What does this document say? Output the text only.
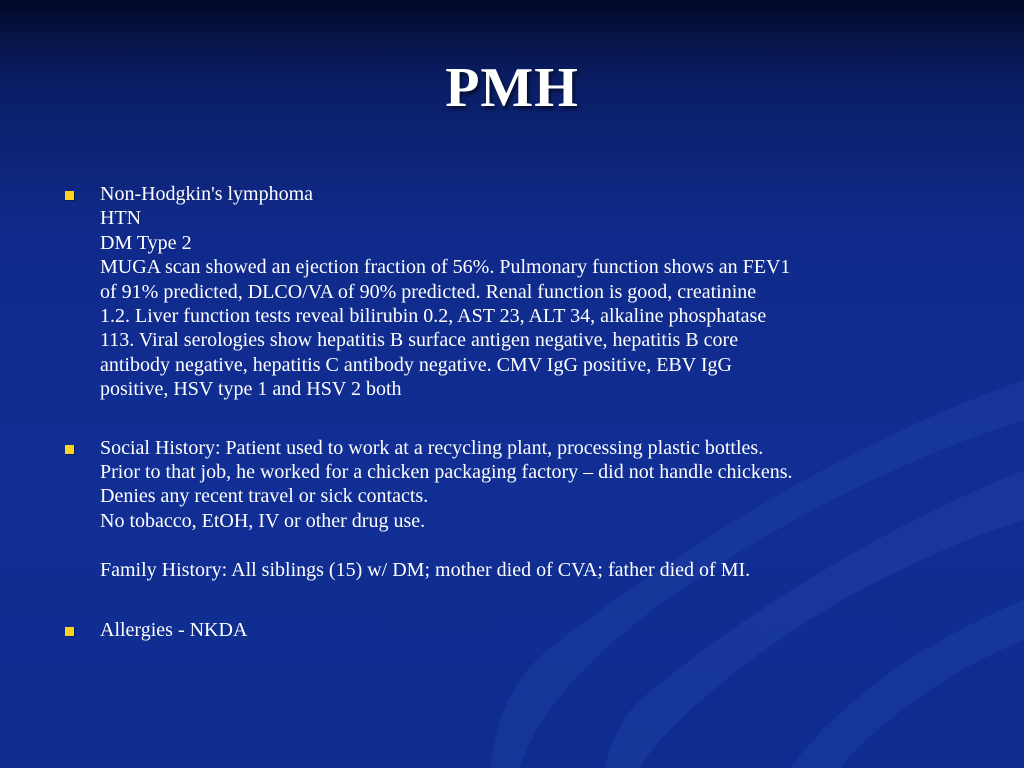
PMH
Non-Hodgkin's lymphoma
HTN
DM Type 2
MUGA scan showed an ejection fraction of 56%. Pulmonary function shows an FEV1
of 91% predicted, DLCO/VA of 90% predicted. Renal function is good, creatinine
1.2. Liver function tests reveal bilirubin 0.2, AST 23, ALT 34, alkaline phosphatase
113. Viral serologies show hepatitis B surface antigen negative, hepatitis B core
antibody negative, hepatitis C antibody negative. CMV IgG positive, EBV IgG
positive, HSV type 1 and HSV 2 both
Social History: Patient used to work at a recycling plant, processing plastic bottles.
Prior to that job, he worked for a chicken packaging factory – did not handle chickens.
Denies any recent travel or sick contacts.
No tobacco, EtOH, IV or other drug use.
Family History: All siblings (15) w/ DM; mother died of CVA; father died of MI.
Allergies - NKDA
